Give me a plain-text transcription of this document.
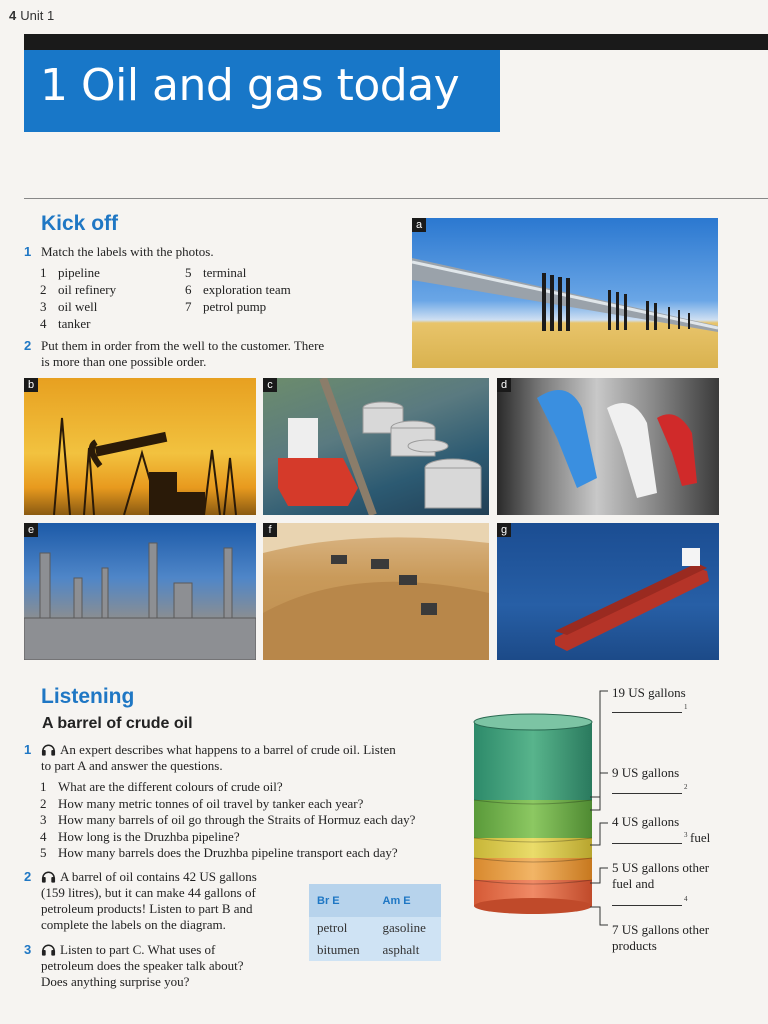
4 Unit 1
1 Oil and gas today
Kick off
1 Match the labels with the photos.
1 pipeline
2 oil refinery
3 oil well
4 tanker
5 terminal
6 exploration team
7 petrol pump
2 Put them in order from the well to the customer. There
is more than one possible order.
a
b	c	d
e	f	g
Listening
A barrel of crude oil
1	An expert describes what happens to a barrel of crude oil. Listen
to part A and answer the questions.
1 What are the different colours of crude oil?
2 How many metric tonnes of oil travel by tanker each year?
3 How many barrels of oil go through the Straits of Hormuz each day?
4 How long is the Druzhba pipeline?
5 How many barrels does the Druzhba pipeline transport each day?
2	A barrel of oil contains 42 US gallons
(159 litres), but it can make 44 gallons of
petroleum products! Listen to part B and
complete the labels on the diagram.
3	Listen to part C. What uses of
petroleum does the speaker talk about?
Does anything surprise you?
Br E	Am E
petrol	gasoline
bitumen	asphalt
19 US gallons
1
9 US gallons
2
4 US gallons
3 fuel
5 US gallons other
fuel and
4
7 US gallons other
products
